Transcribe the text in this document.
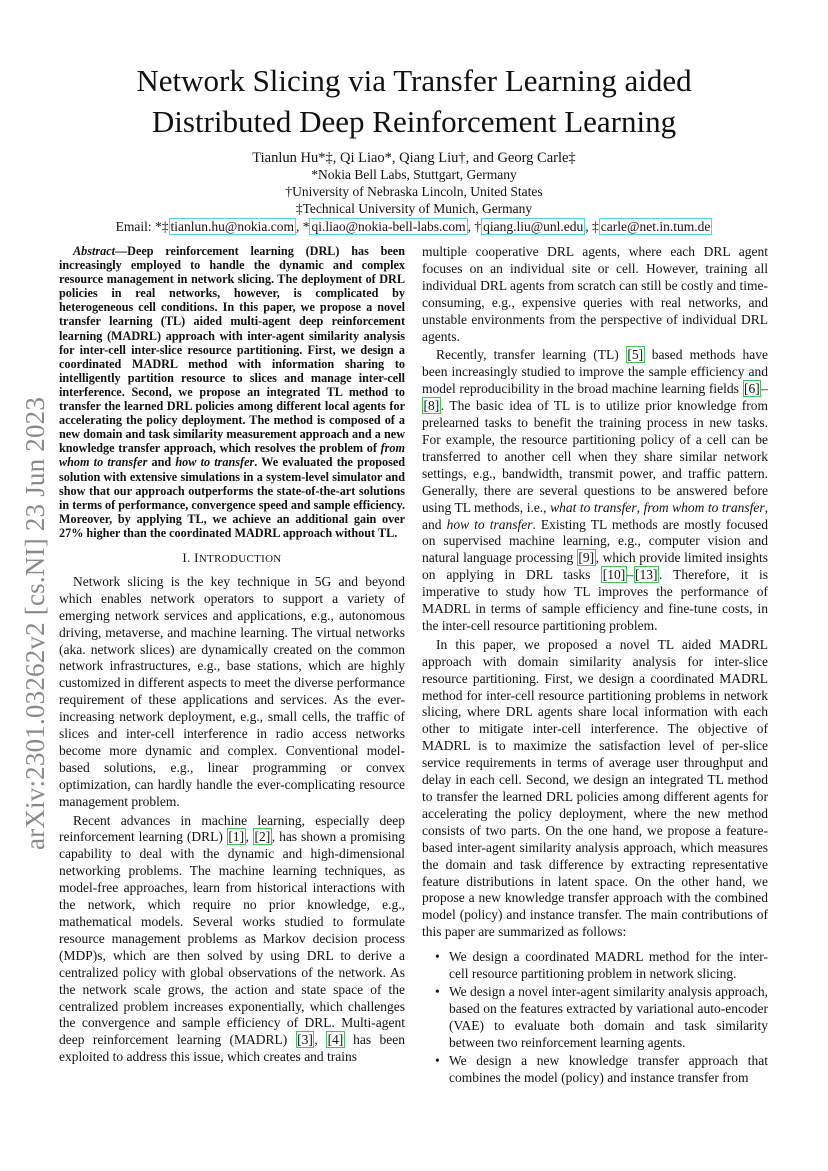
arXiv:2301.03262v2 [cs.NI] 23 Jun 2023
Network Slicing via Transfer Learning aided
Distributed Deep Reinforcement Learning
Tianlun Hu*‡, Qi Liao*, Qiang Liu†, and Georg Carle‡
*Nokia Bell Labs, Stuttgart, Germany
†University of Nebraska Lincoln, United States
‡Technical University of Munich, Germany
Email: *‡ tianlun.hu@nokia.com , * qi.liao@nokia-bell-labs.com , † qiang.liu@unl.edu , ‡ carle@net.in.tum.de

Abstract—Deep reinforcement learning (DRL) has been increasingly employed to handle the dynamic and complex resource management in network slicing. The deployment of DRL policies in real networks, however, is complicated by heterogeneous cell conditions. In this paper, we propose a novel transfer learning (TL) aided multi-agent deep reinforcement learning (MADRL) approach with inter-agent similarity analysis for inter-cell inter-slice resource partitioning. First, we design a coordinated MADRL method with information sharing to intelligently partition resource to slices and manage inter-cell interference. Second, we propose an integrated TL method to transfer the learned DRL policies among different local agents for accelerating the policy deployment. The method is composed of a new domain and task similarity measurement approach and a new knowledge transfer approach, which resolves the problem of from whom to transfer and how to transfer. We evaluated the proposed solution with extensive simulations in a system-level simulator and show that our approach outperforms the state-of-the-art solutions in terms of performance, convergence speed and sample efficiency. Moreover, by applying TL, we achieve an additional gain over 27% higher than the coordinated MADRL approach without TL.

I. INTRODUCTION

Network slicing is the key technique in 5G and beyond which enables network operators to support a variety of emerging network services and applications, e.g., autonomous driving, metaverse, and machine learning. The virtual networks (aka. network slices) are dynamically created on the common network infrastructures, e.g., base stations, which are highly customized in different aspects to meet the diverse performance requirement of these applications and services. As the ever-increasing network deployment, e.g., small cells, the traffic of slices and inter-cell interference in radio access networks become more dynamic and complex. Conventional model-based solutions, e.g., linear programming or convex optimization, can hardly handle the ever-complicating resource management problem.

Recent advances in machine learning, especially deep reinforcement learning (DRL) [1] , [2] , has shown a promising capability to deal with the dynamic and high-dimensional networking problems. The machine learning techniques, as model-free approaches, learn from historical interactions with the network, which require no prior knowledge, e.g., mathematical models. Several works studied to formulate resource management problems as Markov decision process (MDP)s, which are then solved by using DRL to derive a centralized policy with global observations of the network. As the network scale grows, the action and state space of the centralized problem increases exponentially, which challenges the convergence and sample efficiency of DRL. Multi-agent deep reinforcement learning (MADRL) [3] , [4] has been exploited to address this issue, which creates and trains

multiple cooperative DRL agents, where each DRL agent focuses on an individual site or cell. However, training all individual DRL agents from scratch can still be costly and time-consuming, e.g., expensive queries with real networks, and unstable environments from the perspective of individual DRL agents.

Recently, transfer learning (TL) [5] based methods have been increasingly studied to improve the sample efficiency and model reproducibility in the broad machine learning fields [6] –[8] . The basic idea of TL is to utilize prior knowledge from prelearned tasks to benefit the training process in new tasks. For example, the resource partitioning policy of a cell can be transferred to another cell when they share similar network settings, e.g., bandwidth, transmit power, and traffic pattern. Generally, there are several questions to be answered before using TL methods, i.e., what to transfer, from whom to transfer, and how to transfer. Existing TL methods are mostly focused on supervised machine learning, e.g., computer vision and natural language processing [9] , which provide limited insights on applying in DRL tasks [10] – [13] . Therefore, it is imperative to study how TL improves the performance of MADRL in terms of sample efficiency and fine-tune costs, in the inter-cell resource partitioning problem.

In this paper, we proposed a novel TL aided MADRL approach with domain similarity analysis for inter-slice resource partitioning. First, we design a coordinated MADRL method for inter-cell resource partitioning problems in network slicing, where DRL agents share local information with each other to mitigate inter-cell interference. The objective of MADRL is to maximize the satisfaction level of per-slice service requirements in terms of average user throughput and delay in each cell. Second, we design an integrated TL method to transfer the learned DRL policies among different agents for accelerating the policy deployment, where the new method consists of two parts. On the one hand, we propose a feature-based inter-agent similarity analysis approach, which measures the domain and task difference by extracting representative feature distributions in latent space. On the other hand, we propose a new knowledge transfer approach with the combined model (policy) and instance transfer. The main contributions of this paper are summarized as follows:

• We design a coordinated MADRL method for the inter-cell resource partitioning problem in network slicing.
• We design a novel inter-agent similarity analysis approach, based on the features extracted by variational auto-encoder (VAE) to evaluate both domain and task similarity between two reinforcement learning agents.
• We design a new knowledge transfer approach that combines the model (policy) and instance transfer from
